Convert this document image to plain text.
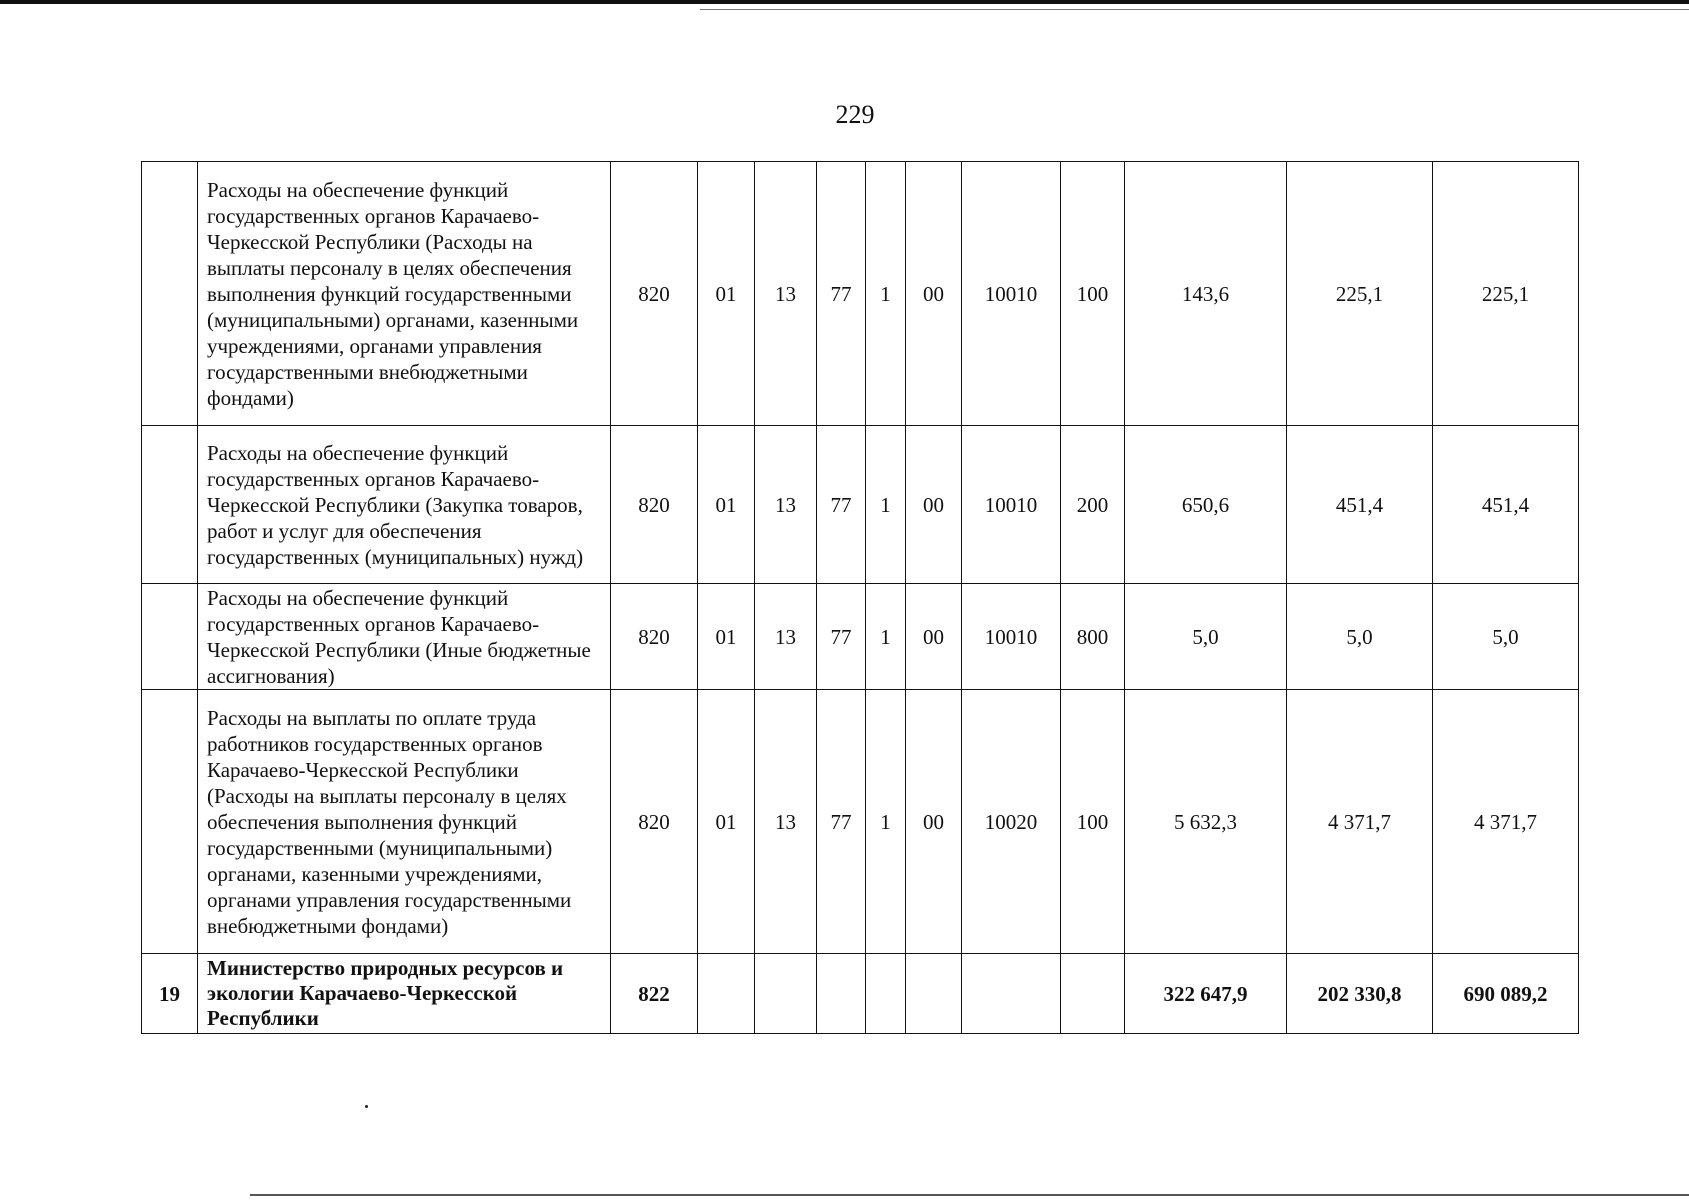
229
	Расходы на обеспечение функций государственных органов Карачаево-Черкесской Республики (Расходы на выплаты персоналу в целях обеспечения выполнения функций государственными (муниципальными) органами, казенными учреждениями, органами управления государственными внебюджетными фондами)	820	01	13	77	1	00	10010	100	143,6	225,1	225,1
	Расходы на обеспечение функций государственных органов Карачаево-Черкесской Республики (Закупка товаров, работ и услуг для обеспечения государственных (муниципальных) нужд)	820	01	13	77	1	00	10010	200	650,6	451,4	451,4
	Расходы на обеспечение функций государственных органов Карачаево-Черкесской Республики (Иные бюджетные ассигнования)	820	01	13	77	1	00	10010	800	5,0	5,0	5,0
	Расходы на выплаты по оплате труда работников государственных органов Карачаево-Черкесской Республики (Расходы на выплаты персоналу в целях обеспечения выполнения функций государственными (муниципальными) органами, казенными учреждениями, органами управления государственными внебюджетными фондами)	820	01	13	77	1	00	10020	100	5 632,3	4 371,7	4 371,7
19	Министерство природных ресурсов и экологии Карачаево-Черкесской Республики	822								322 647,9	202 330,8	690 089,2
